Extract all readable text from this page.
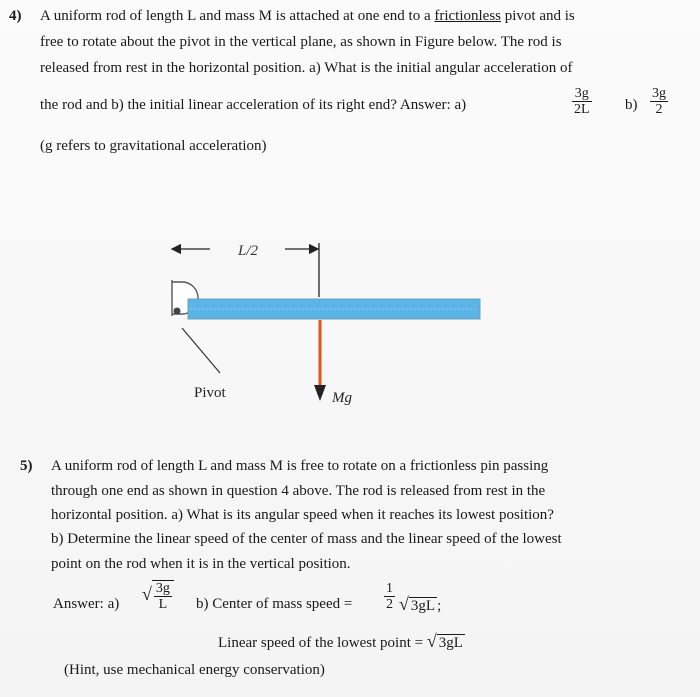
4) A uniform rod of length L and mass M is attached at one end to a frictionless pivot and is
free to rotate about the pivot in the vertical plane, as shown in Figure below. The rod is
released from rest in the horizontal position. a) What is the initial angular acceleration of
the rod and b) the initial linear acceleration of its right end? Answer: a)	$\frac{3g}{2L} b) \frac{3g}{2}$
(g refers to gravitational acceleration)
L/2
Pivot	Mg
5) A uniform rod of length L and mass M is free to rotate on a frictionless pin passing
through one end as shown in question 4 above. The rod is released from rest in the
horizontal position. a) What is its angular speed when it reaches its lowest position?
b) Determine the linear speed of the center of mass and the linear speed of the lowest
point on the rod when it is in the vertical position.
Answer: a)
√ $\frac{3g}{L} b$) Center of mass speed = $\frac{1}{2}$ √ 3gL ;
Linear speed of the lowest point = √ 3gL
(Hint, use mechanical energy conservation)
